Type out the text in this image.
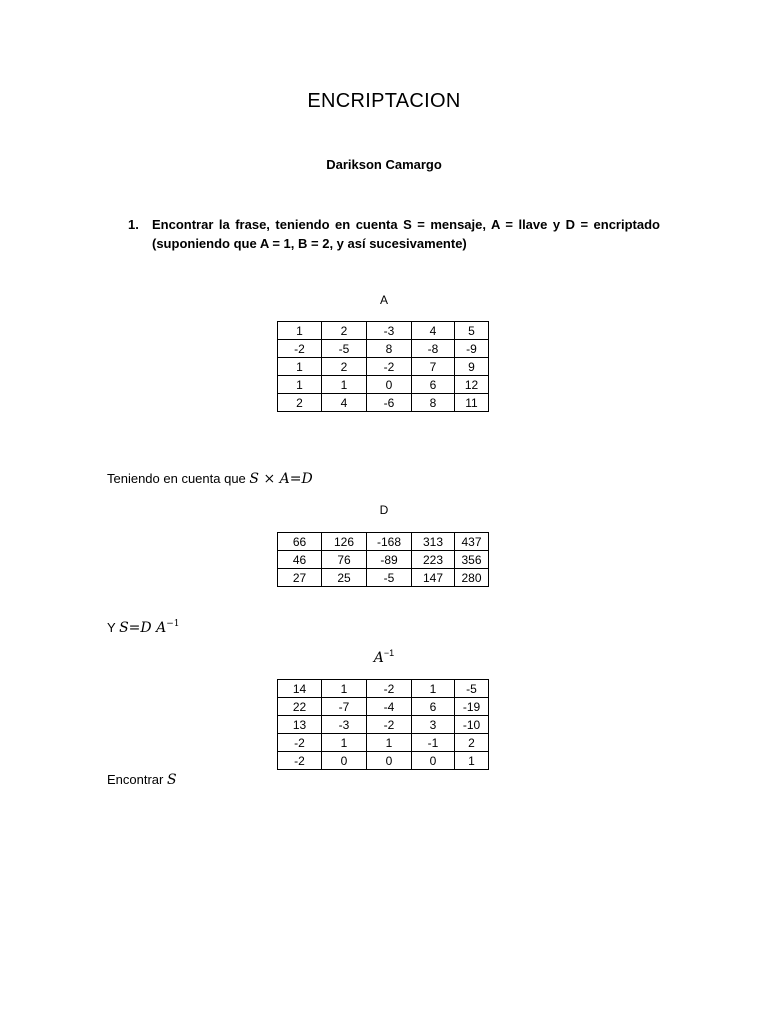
ENCRIPTACION
Darikson Camargo
1. Encontrar la frase, teniendo en cuenta S = mensaje, A = llave y D = encriptado
(suponiendo que A = 1, B = 2, y así sucesivamente)
A
1	2	-3	4	5
-2	-5	8	-8	-9
1	2	-2	7	9
1	1	0	6	12
2	4	-6	8	11
Teniendo en cuenta que S × A=D
D
66	126	-168	313	437
46	76	-89	223	356
27	25	-5	147	280
Y S=D $A^{-1}$
$A^{-1}$
14	1	-2	1	-5
22	-7	-4	6	-19
13	-3	-2	3	-10
-2	1	1	-1	2
-2	0	0	0	1
Encontrar S
